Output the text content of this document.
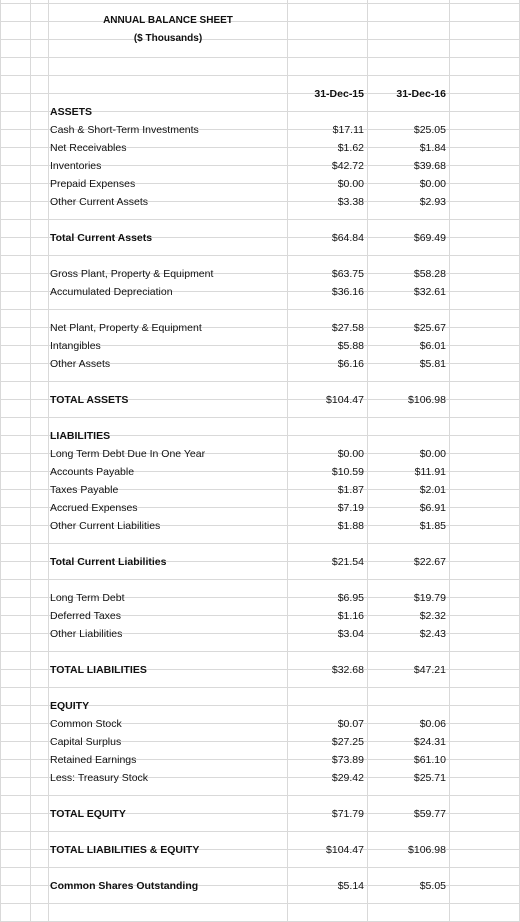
ANNUAL BALANCE SHEET
($ Thousands)
31-Dec-15	31-Dec-16
ASSETS
Cash & Short-Term Investments	$17.11	$25.05
Net Receivables	$1.62	$1.84
Inventories	$42.72	$39.68
Prepaid Expenses	$0.00	$0.00
Other Current Assets	$3.38	$2.93
Total Current Assets	$64.84	$69.49
Gross Plant, Property & Equipment	$63.75	$58.28
Accumulated Depreciation	$36.16	$32.61
Net Plant, Property & Equipment	$27.58	$25.67
Intangibles	$5.88	$6.01
Other Assets	$6.16	$5.81
TOTAL ASSETS	$104.47	$106.98
LIABILITIES
Long Term Debt Due In One Year	$0.00	$0.00
Accounts Payable	$10.59	$11.91
Taxes Payable	$1.87	$2.01
Accrued Expenses	$7.19	$6.91
Other Current Liabilities	$1.88	$1.85
Total Current Liabilities	$21.54	$22.67
Long Term Debt	$6.95	$19.79
Deferred Taxes	$1.16	$2.32
Other Liabilities	$3.04	$2.43
TOTAL LIABILITIES	$32.68	$47.21
EQUITY
Common Stock	$0.07	$0.06
Capital Surplus	$27.25	$24.31
Retained Earnings	$73.89	$61.10
Less: Treasury Stock	$29.42	$25.71
TOTAL EQUITY	$71.79	$59.77
TOTAL LIABILITIES & EQUITY	$104.47	$106.98
Common Shares Outstanding	$5.14	$5.05
